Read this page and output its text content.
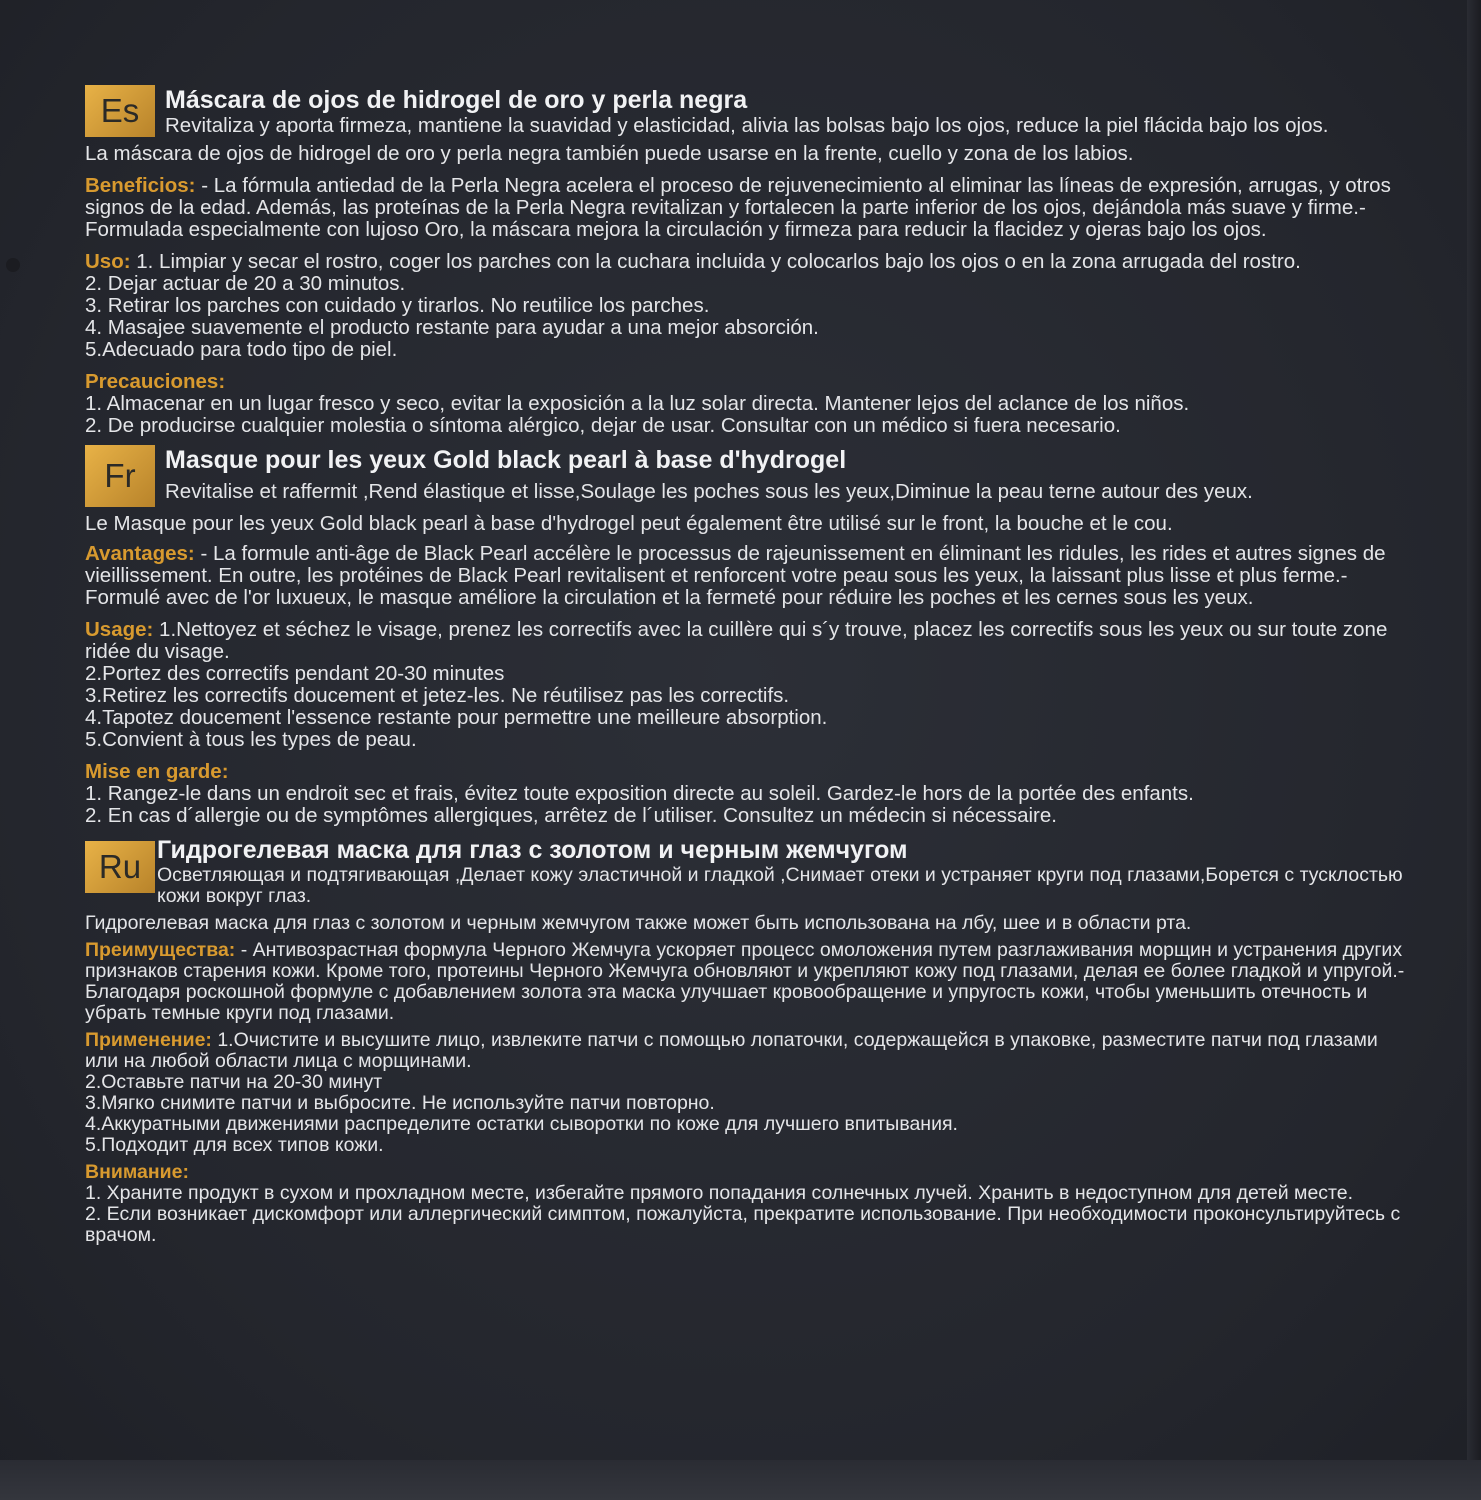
Es	Máscara de ojos de hidrogel de oro y perla negra

Revitaliza y aporta firmeza, mantiene la suavidad y elasticidad, alivia las bolsas bajo los ojos, reduce la piel flácida bajo los ojos.

La máscara de ojos de hidrogel de oro y perla negra también puede usarse en la frente, cuello y zona de los labios.

Beneficios: - La fórmula antiedad de la Perla Negra acelera el proceso de rejuvenecimiento al eliminar las líneas de expresión, arrugas, y otros signos de la edad. Además, las proteínas de la Perla Negra revitalizan y fortalecen la parte inferior de los ojos, dejándola más suave y firme.- Formulada especialmente con lujoso Oro, la máscara mejora la circulación y firmeza para reducir la flacidez y ojeras bajo los ojos.

Uso: 1. Limpiar y secar el rostro, coger los parches con la cuchara incluida y colocarlos bajo los ojos o en la zona arrugada del rostro.

2. Dejar actuar de 20 a 30 minutos.

3. Retirar los parches con cuidado y tirarlos. No reutilice los parches.

4. Masajee suavemente el producto restante para ayudar a una mejor absorción.

5.Adecuado para todo tipo de piel.

Precauciones:

1. Almacenar en un lugar fresco y seco, evitar la exposición a la luz solar directa. Mantener lejos del aclance de los niños.

2. De producirse cualquier molestia o síntoma alérgico, dejar de usar. Consultar con un médico si fuera necesario.

Fr	Masque pour les yeux Gold black pearl à base d'hydrogel

Revitalise et raffermit ,Rend élastique et lisse,Soulage les poches sous les yeux,Diminue la peau terne autour des yeux.

Le Masque pour les yeux Gold black pearl à base d'hydrogel peut également être utilisé sur le front, la bouche et le cou.

Avantages: - La formule anti-âge de Black Pearl accélère le processus de rajeunissement en éliminant les ridules, les rides et autres signes de vieillissement. En outre, les protéines de Black Pearl revitalisent et renforcent votre peau sous les yeux, la laissant plus lisse et plus ferme.- Formulé avec de l'or luxueux, le masque améliore la circulation et la fermeté pour réduire les poches et les cernes sous les yeux.

Usage: 1.Nettoyez et séchez le visage, prenez les correctifs avec la cuillère qui s´y trouve, placez les correctifs sous les yeux ou sur toute zone ridée du visage.

2.Portez des correctifs pendant 20-30 minutes

3.Retirez les correctifs doucement et jetez-les. Ne réutilisez pas les correctifs.

4.Tapotez doucement l'essence restante pour permettre une meilleure absorption.

5.Convient à tous les types de peau.

Mise en garde:

1. Rangez-le dans un endroit sec et frais, évitez toute exposition directe au soleil. Gardez-le hors de la portée des enfants.

2. En cas d´allergie ou de symptômes allergiques, arrêtez de l´utiliser. Consultez un médecin si nécessaire.

Ru Гидрогелевая маска для глаз с золотом и черным жемчугом

Осветляющая и подтягивающая ,Делает кожу эластичной и гладкой ,Снимает отеки и устраняет круги под глазами,Борется с тусклостью кожи вокруг глаз.

Гидрогелевая маска для глаз с золотом и черным жемчугом также может быть использована на лбу, шее и в области рта.

Преимущества: - Антивозрастная формула Черного Жемчуга ускоряет процесс омоложения путем разглаживания морщин и устранения других признаков старения кожи. Кроме того, протеины Черного Жемчуга обновляют и укрепляют кожу под глазами, делая ее более гладкой и упругой.- Благодаря роскошной формуле с добавлением золота эта маска улучшает кровообращение и упругость кожи, чтобы уменьшить отечность и убрать темные круги под глазами.

Применение: 1.Очистите и высушите лицо, извлеките патчи с помощью лопаточки, содержащейся в упаковке, разместите патчи под глазами или на любой области лица с морщинами.

2.Оставьте патчи на 20-30 минут

3.Мягко снимите патчи и выбросите. Не используйте патчи повторно.

4.Аккуратными движениями распределите остатки сыворотки по коже для лучшего впитывания.

5.Подходит для всех типов кожи.

Внимание:

1. Храните продукт в сухом и прохладном месте, избегайте прямого попадания солнечных лучей. Хранить в недоступном для детей месте.

2. Если возникает дискомфорт или аллергический симптом, пожалуйста, прекратите использование. При необходимости проконсультируйтесь с врачом.
